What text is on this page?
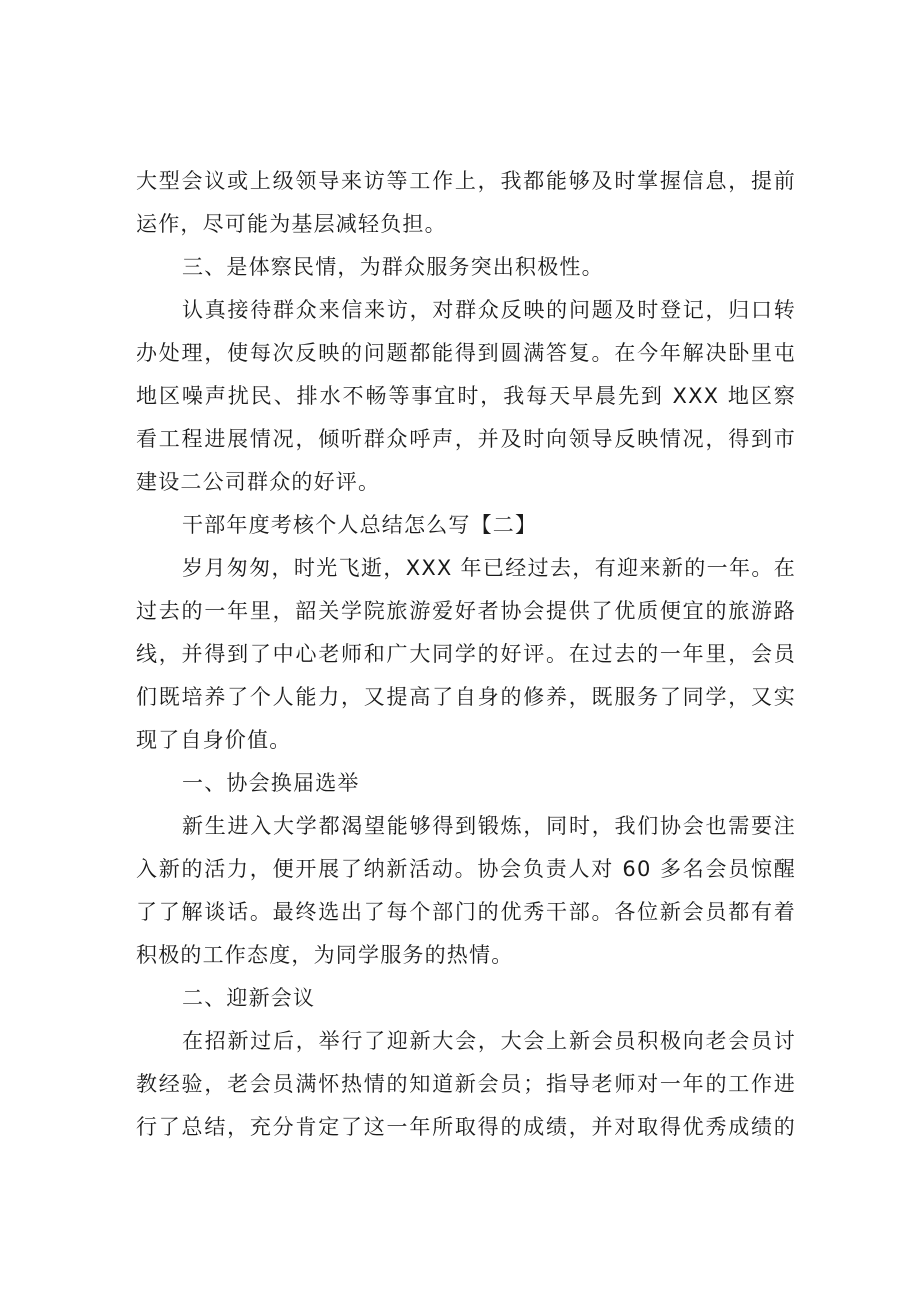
大型会议或上级领导来访等工作上，我都能够及时掌握信息，提前
运作，尽可能为基层减轻负担。
三、是体察民情，为群众服务突出积极性。
认真接待群众来信来访，对群众反映的问题及时登记，归口转
办处理，使每次反映的问题都能得到圆满答复。在今年解决卧里屯
地区噪声扰民、排水不畅等事宜时，我每天早晨先到 XXX 地区察
看工程进展情况，倾听群众呼声，并及时向领导反映情况，得到市
建设二公司群众的好评。
干部年度考核个人总结怎么写【二】
岁月匆匆，时光飞逝，XXX 年已经过去，有迎来新的一年。在
过去的一年里，韶关学院旅游爱好者协会提供了优质便宜的旅游路
线，并得到了中心老师和广大同学的好评。在过去的一年里，会员
们既培养了个人能力，又提高了自身的修养，既服务了同学，又实
现了自身价值。
一、协会换届选举
新生进入大学都渴望能够得到锻炼，同时，我们协会也需要注
入新的活力，便开展了纳新活动。协会负责人对 60 多名会员惊醒
了了解谈话。最终选出了每个部门的优秀干部。各位新会员都有着
积极的工作态度，为同学服务的热情。
二、迎新会议
在招新过后，举行了迎新大会，大会上新会员积极向老会员讨
教经验，老会员满怀热情的知道新会员；指导老师对一年的工作进
行了总结，充分肯定了这一年所取得的成绩，并对取得优秀成绩的
